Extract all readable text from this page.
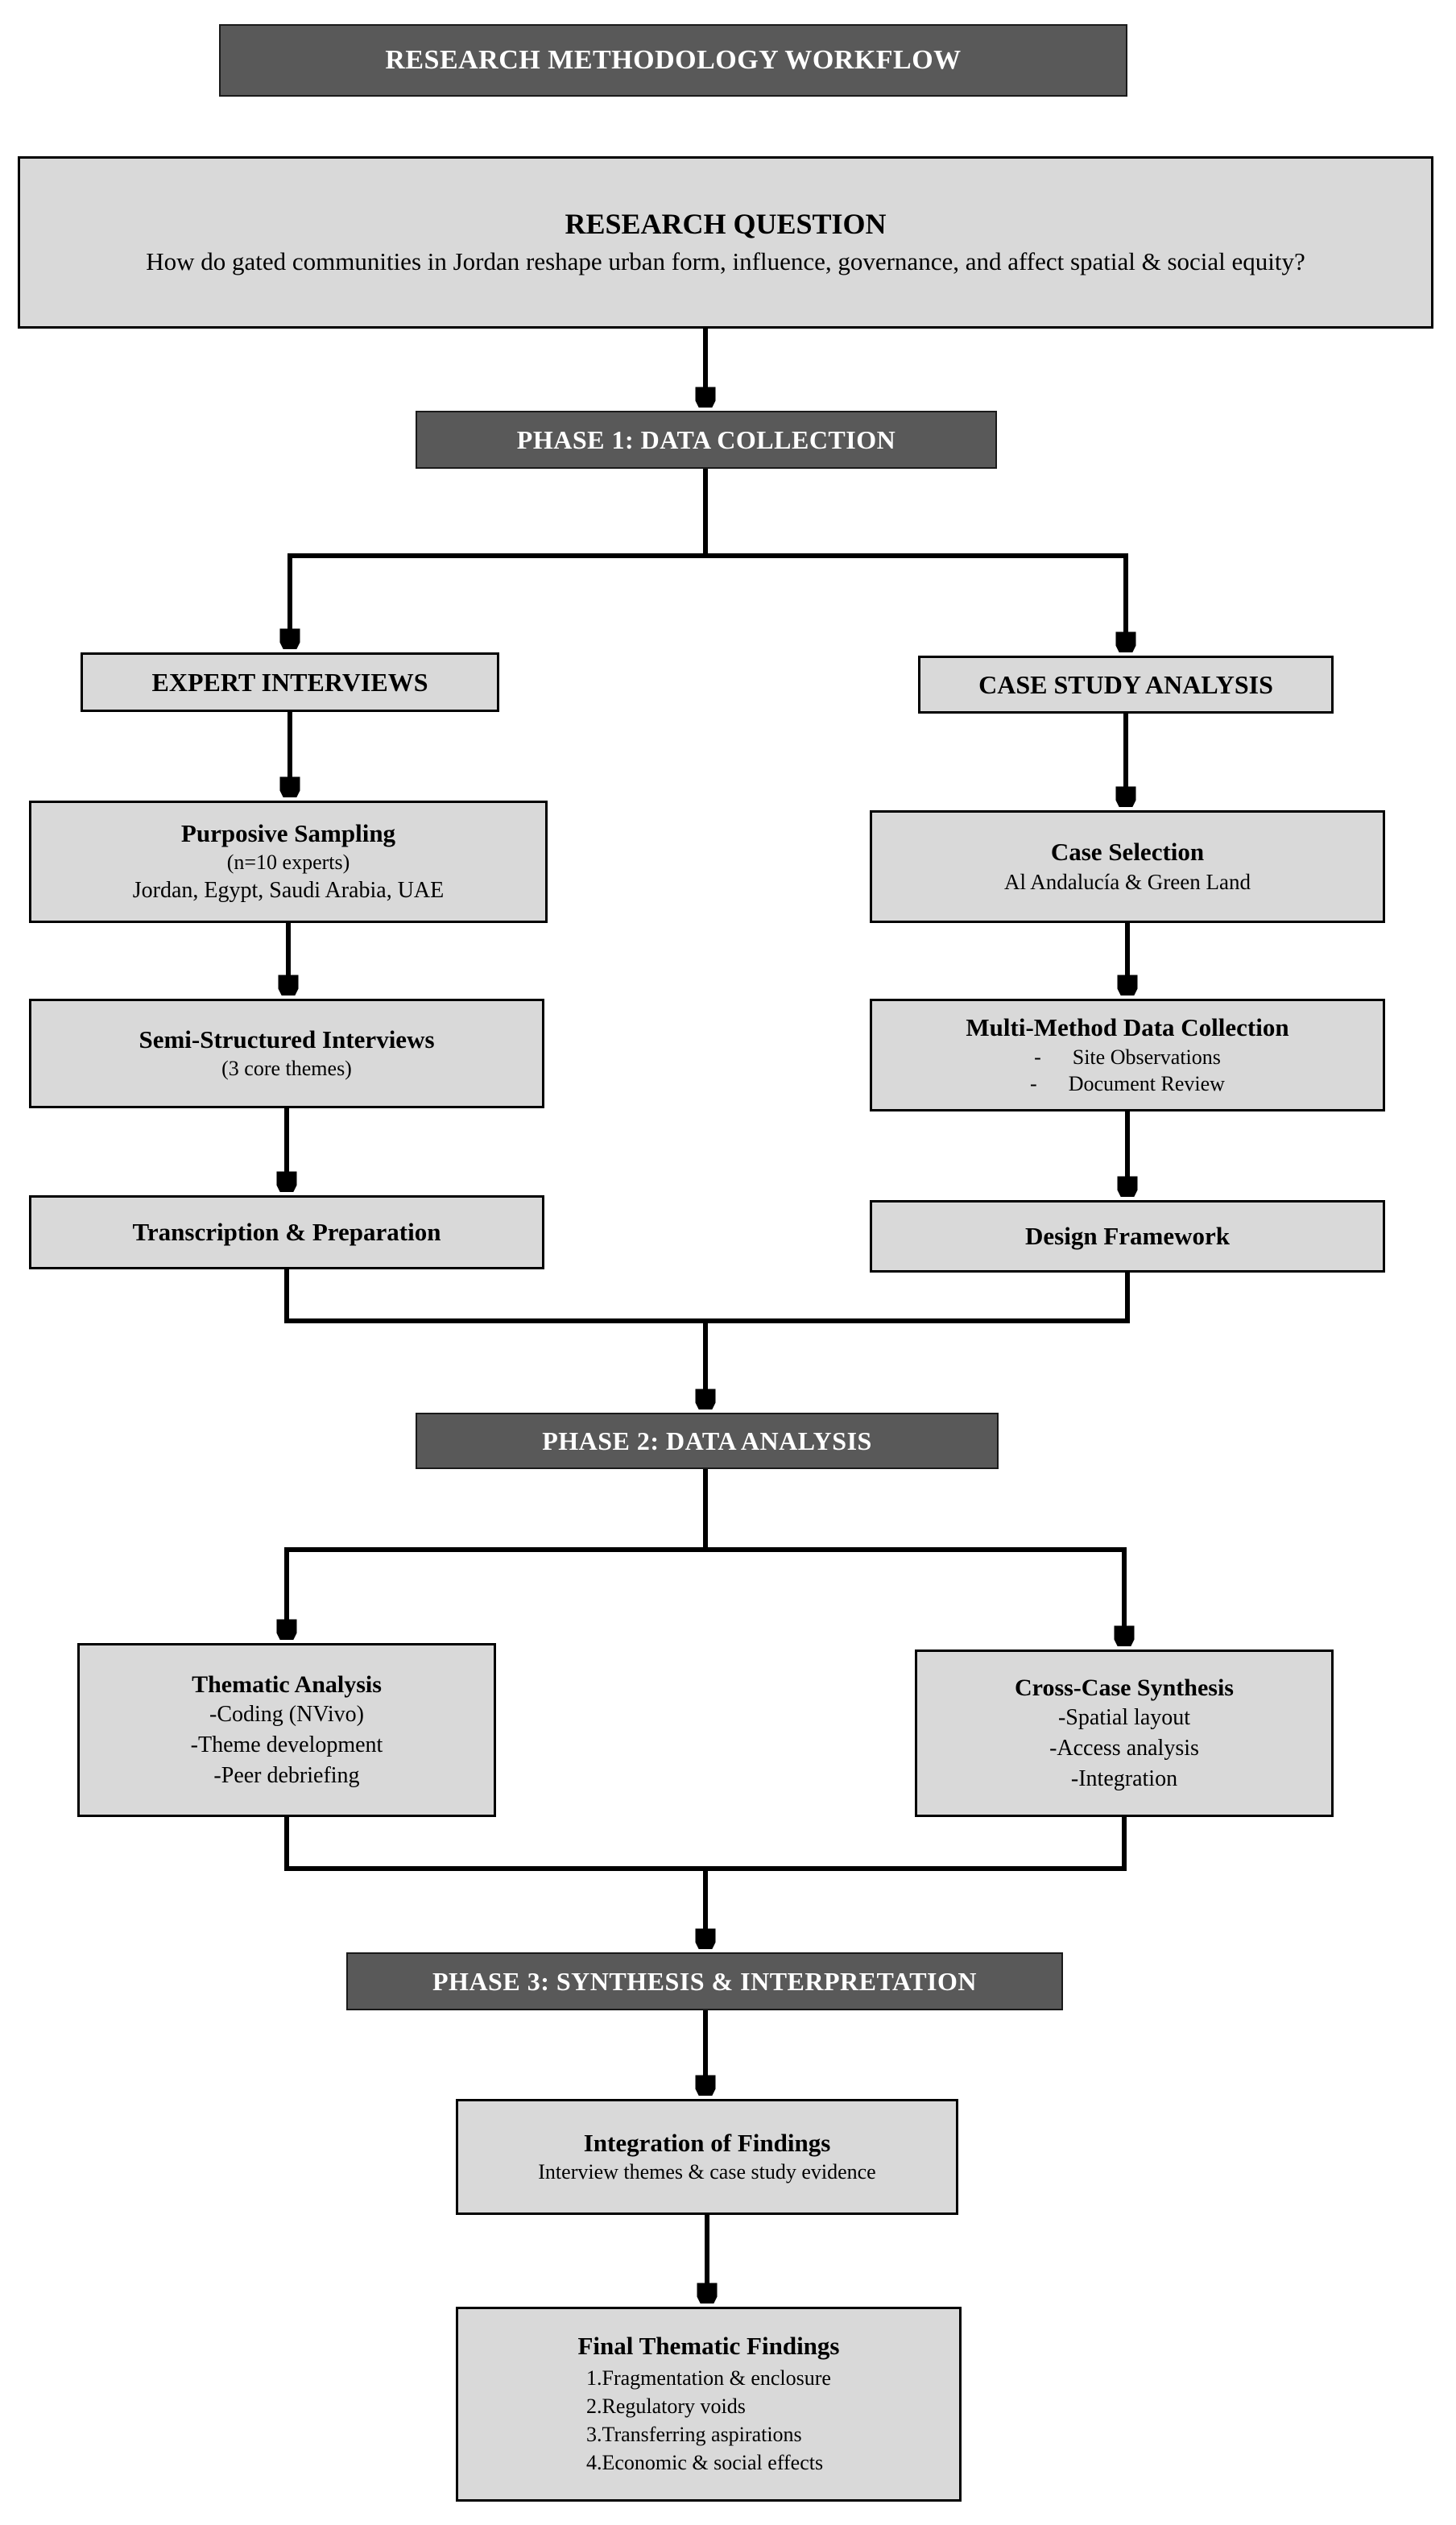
RESEARCH METHODOLOGY WORKFLOW
RESEARCH QUESTION
How do gated communities in Jordan reshape urban form, influence, governance, and affect spatial & social equity?
PHASE 1: DATA COLLECTION
EXPERT INTERVIEWS	CASE STUDY ANALYSIS
Purposive Sampling
(n=10 experts)
Jordan, Egypt, Saudi Arabia, UAE
Case Selection
Al Andalucía & Green Land
Semi-Structured Interviews
(3 core themes)
Multi-Method Data Collection
-      Site Observations
-      Document Review
Transcription & Preparation	Design Framework
PHASE 2: DATA ANALYSIS
Thematic Analysis
-Coding (NVivo)
-Theme development
-Peer debriefing
Cross-Case Synthesis
-Spatial layout
-Access analysis
-Integration
PHASE 3: SYNTHESIS & INTERPRETATION
Integration of Findings
Interview themes & case study evidence
Final Thematic Findings
1.Fragmentation & enclosure
2.Regulatory voids
3.Transferring aspirations
4.Economic & social effects
